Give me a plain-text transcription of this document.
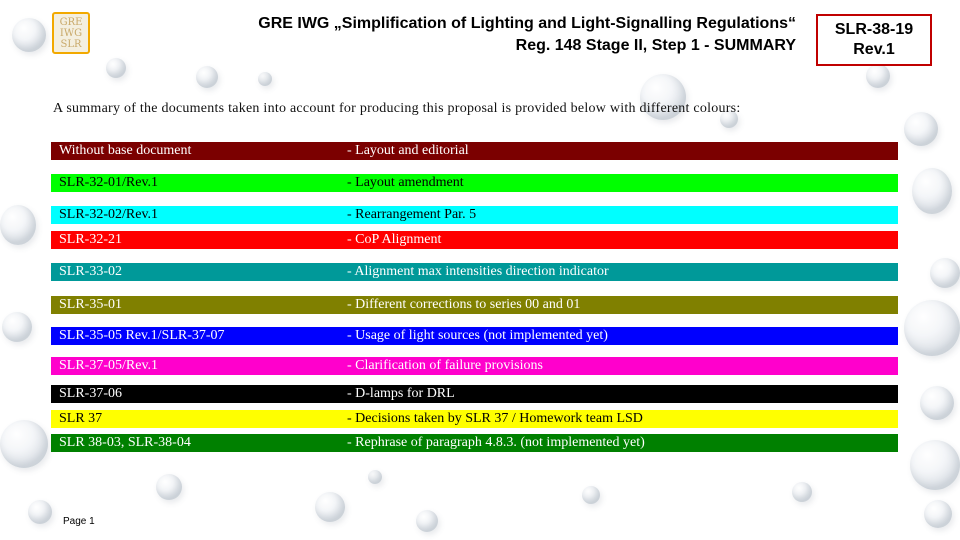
GRE
IWG
SLR
GRE IWG „Simplification of Lighting and Light-Signalling Regulations“
Reg. 148 Stage II, Step 1 - SUMMARY
SLR-38-19
Rev.1
A summary of the documents taken into account for producing this proposal is provided below with different colours:
Without base document	- Layout and editorial
SLR-32-01/Rev.1	- Layout amendment
SLR-32-02/Rev.1	- Rearrangement Par. 5
SLR-32-21	- CoP Alignment
SLR-33-02	- Alignment max intensities direction indicator
SLR-35-01	- Different corrections to series 00 and 01
SLR-35-05 Rev.1/SLR-37-07	- Usage of light sources (not implemented yet)
SLR-37-05/Rev.1	- Clarification of failure provisions
SLR-37-06	- D-lamps for DRL
SLR 37	- Decisions taken by SLR 37 / Homework team LSD
SLR 38-03, SLR-38-04	- Rephrase of paragraph 4.8.3. (not implemented yet)
Page 1
